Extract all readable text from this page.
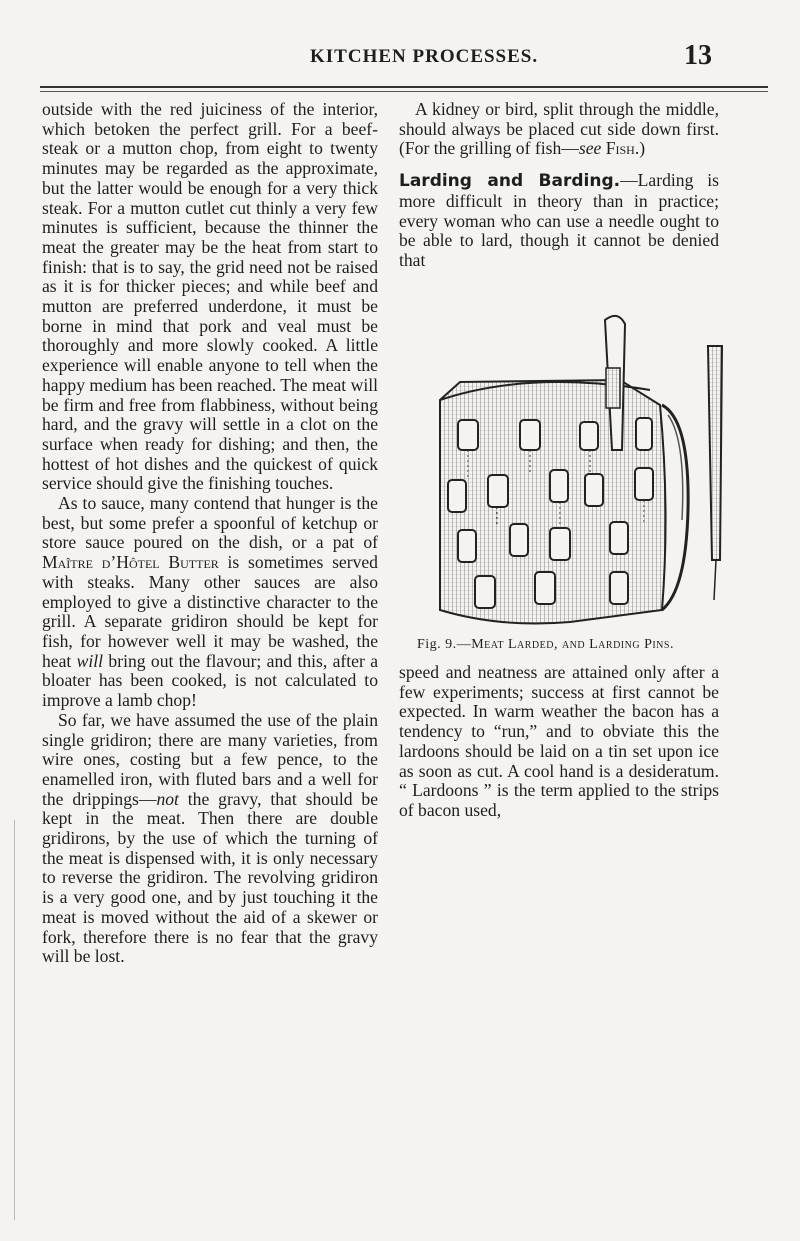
KITCHEN PROCESSES.	13

outside with the red juiciness of the interior, which betoken the perfect grill. For a beef-steak or a mutton chop, from eight to twenty minutes may be regarded as the approximate, but the latter would be enough for a very thick steak. For a mutton cutlet cut thinly a very few minutes is sufficient, because the thinner the meat the greater may be the heat from start to finish: that is to say, the grid need not be raised as it is for thicker pieces; and while beef and mutton are preferred underdone, it must be borne in mind that pork and veal must be thoroughly and more slowly cooked. A little experience will enable anyone to tell when the happy medium has been reached. The meat will be firm and free from flabbiness, without being hard, and the gravy will settle in a clot on the surface when ready for dishing; and then, the hottest of hot dishes and the quickest of quick service should give the finishing touches.

As to sauce, many contend that hunger is the best, but some prefer a spoonful of ketchup or store sauce poured on the dish, or a pat of Maître d’Hôtel Butter is sometimes served with steaks. Many other sauces are also employed to give a distinctive character to the grill. A separate gridiron should be kept for fish, for however well it may be washed, the heat will bring out the flavour; and this, after a bloater has been cooked, is not calculated to improve a lamb chop!

So far, we have assumed the use of the plain single gridiron; there are many varieties, from wire ones, costing but a few pence, to the enamelled iron, with fluted bars and a well for the drippings—not the gravy, that should be kept in the meat. Then there are double gridirons, by the use of which the turning of the meat is dispensed with, it is only necessary to reverse the gridiron. The revolving gridiron is a very good one, and by just touching it the meat is moved without the aid of a skewer or fork, therefore there is no fear that the gravy will be lost.

A kidney or bird, split through the middle, should always be placed cut side down first. (For the grilling of fish—see Fish.)

Larding and Barding.—Larding is more difficult in theory than in practice; every woman who can use a needle ought to be able to lard, though it cannot be denied that

Fig. 9.—Meat Larded, and Larding Pins.

speed and neatness are attained only after a few experiments; success at first cannot be expected. In warm weather the bacon has a tendency to “run,” and to obviate this the lardoons should be laid on a tin set upon ice as soon as cut. A cool hand is a desideratum. “ Lardoons ” is the term applied to the strips of bacon used,
